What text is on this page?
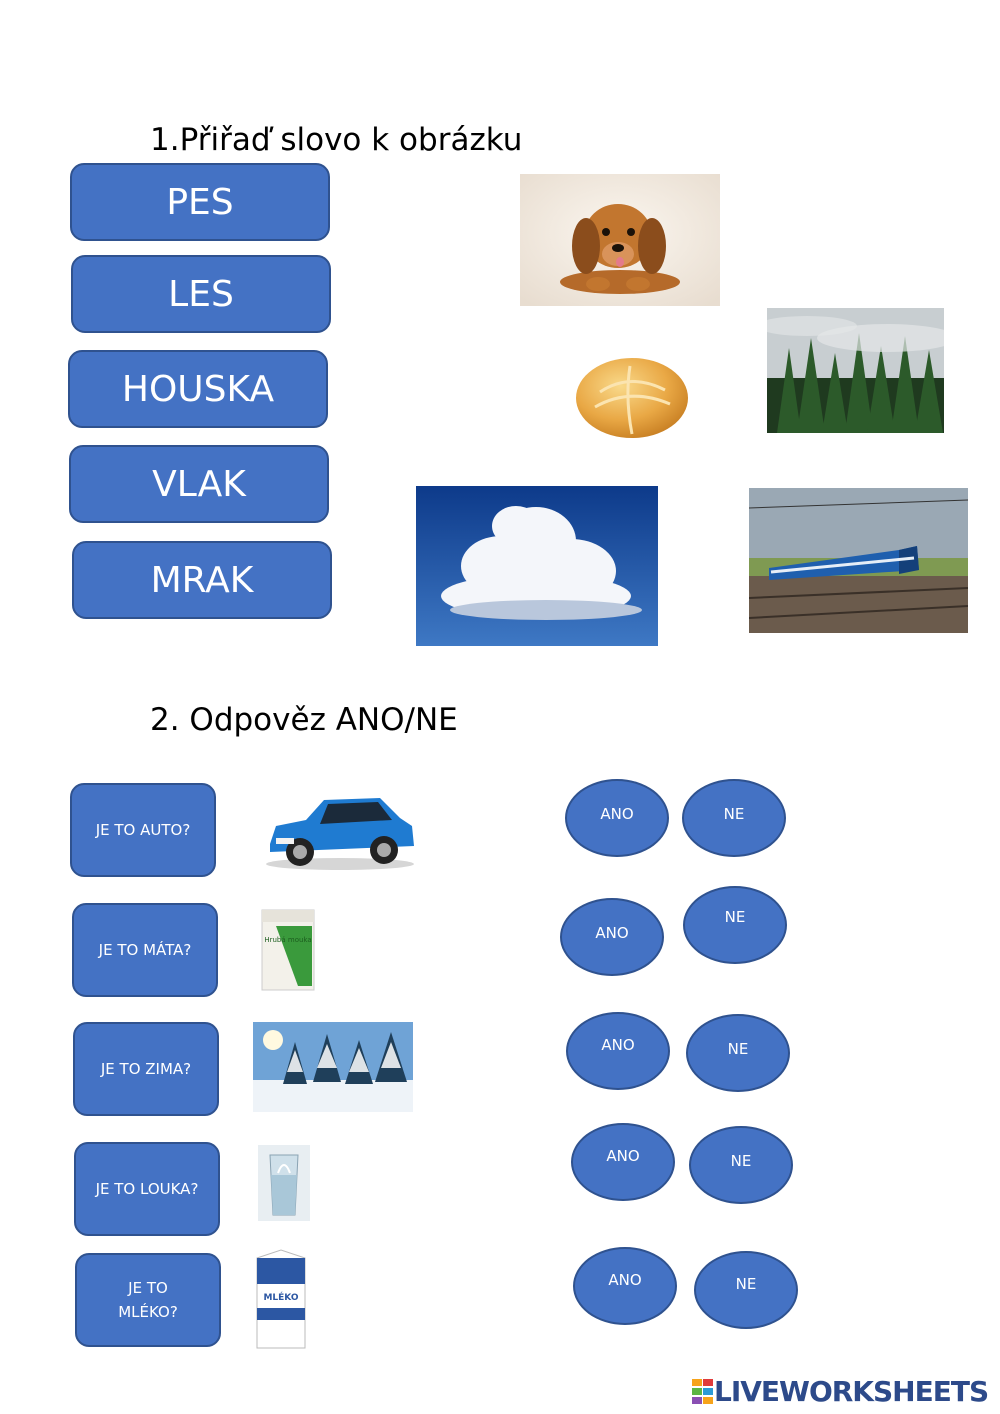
1.Přiřaď slovo k obrázku
PES
LES
HOUSKA
VLAK
MRAK
2. Odpověz ANO/NE
JE TO AUTO?
JE TO MÁTA?
JE TO ZIMA?
JE TO LOUKA?
JE TO MLÉKO?
Hrubá mouka
MLÉKO
ANO	NE
ANO
NE
ANO	NE
ANO	NE
ANO	NE
LIVEWORKSHEETS
